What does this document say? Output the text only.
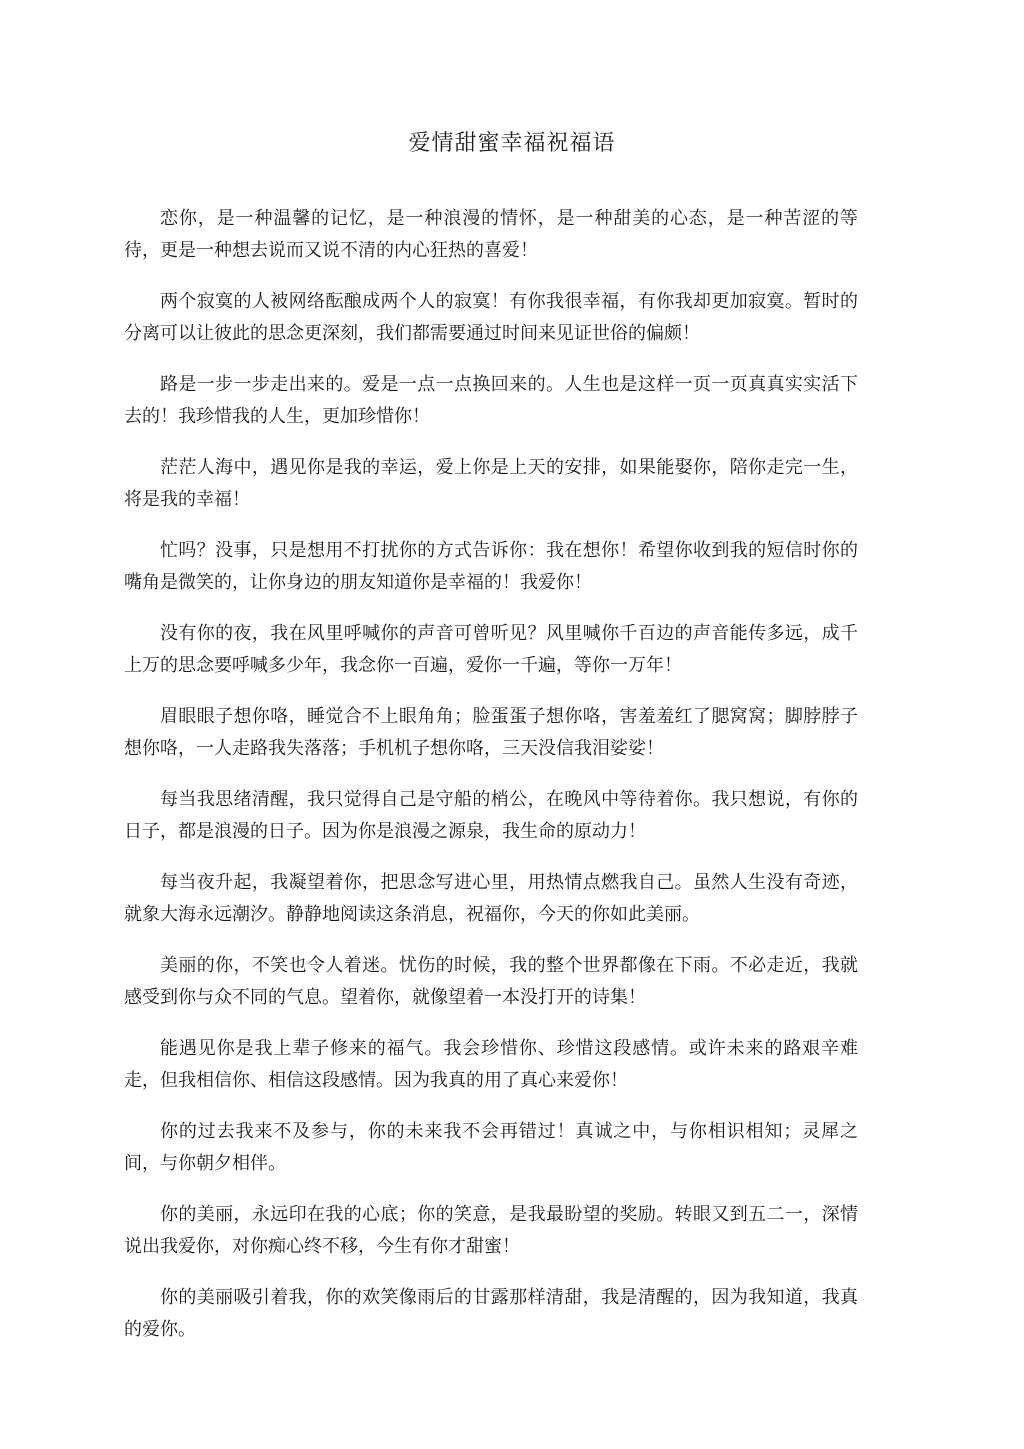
爱情甜蜜幸福祝福语

恋你，是一种温馨的记忆，是一种浪漫的情怀，是一种甜美的心态，是一种苦涩的等待，更是一种想去说而又说不清的内心狂热的喜爱！

两个寂寞的人被网络酝酿成两个人的寂寞！有你我很幸福，有你我却更加寂寞。暂时的分离可以让彼此的思念更深刻，我们都需要通过时间来见证世俗的偏颇！

路是一步一步走出来的。爱是一点一点换回来的。人生也是这样一页一页真真实实活下去的！我珍惜我的人生，更加珍惜你！

茫茫人海中，遇见你是我的幸运，爱上你是上天的安排，如果能娶你，陪你走完一生，将是我的幸福！

忙吗？没事，只是想用不打扰你的方式告诉你：我在想你！希望你收到我的短信时你的嘴角是微笑的，让你身边的朋友知道你是幸福的！我爱你！

没有你的夜，我在风里呼喊你的声音可曾听见？风里喊你千百边的声音能传多远，成千上万的思念要呼喊多少年，我念你一百遍，爱你一千遍，等你一万年！

眉眼眼子想你咯，睡觉合不上眼角角；脸蛋蛋子想你咯，害羞羞红了腮窝窝；脚脖脖子想你咯，一人走路我失落落；手机机子想你咯，三天没信我泪娑娑！

每当我思绪清醒，我只觉得自己是守船的梢公，在晚风中等待着你。我只想说，有你的日子，都是浪漫的日子。因为你是浪漫之源泉，我生命的原动力！

每当夜升起，我凝望着你，把思念写进心里，用热情点燃我自己。虽然人生没有奇迹，就象大海永远潮汐。静静地阅读这条消息，祝福你，今天的你如此美丽。

美丽的你，不笑也令人着迷。忧伤的时候，我的整个世界都像在下雨。不必走近，我就感受到你与众不同的气息。望着你，就像望着一本没打开的诗集！

能遇见你是我上辈子修来的福气。我会珍惜你、珍惜这段感情。或许未来的路艰辛难走，但我相信你、相信这段感情。因为我真的用了真心来爱你！

你的过去我来不及参与，你的未来我不会再错过！真诚之中，与你相识相知；灵犀之间，与你朝夕相伴。

你的美丽，永远印在我的心底；你的笑意，是我最盼望的奖励。转眼又到五二一，深情说出我爱你，对你痴心终不移，今生有你才甜蜜！

你的美丽吸引着我，你的欢笑像雨后的甘露那样清甜，我是清醒的，因为我知道，我真的爱你。
